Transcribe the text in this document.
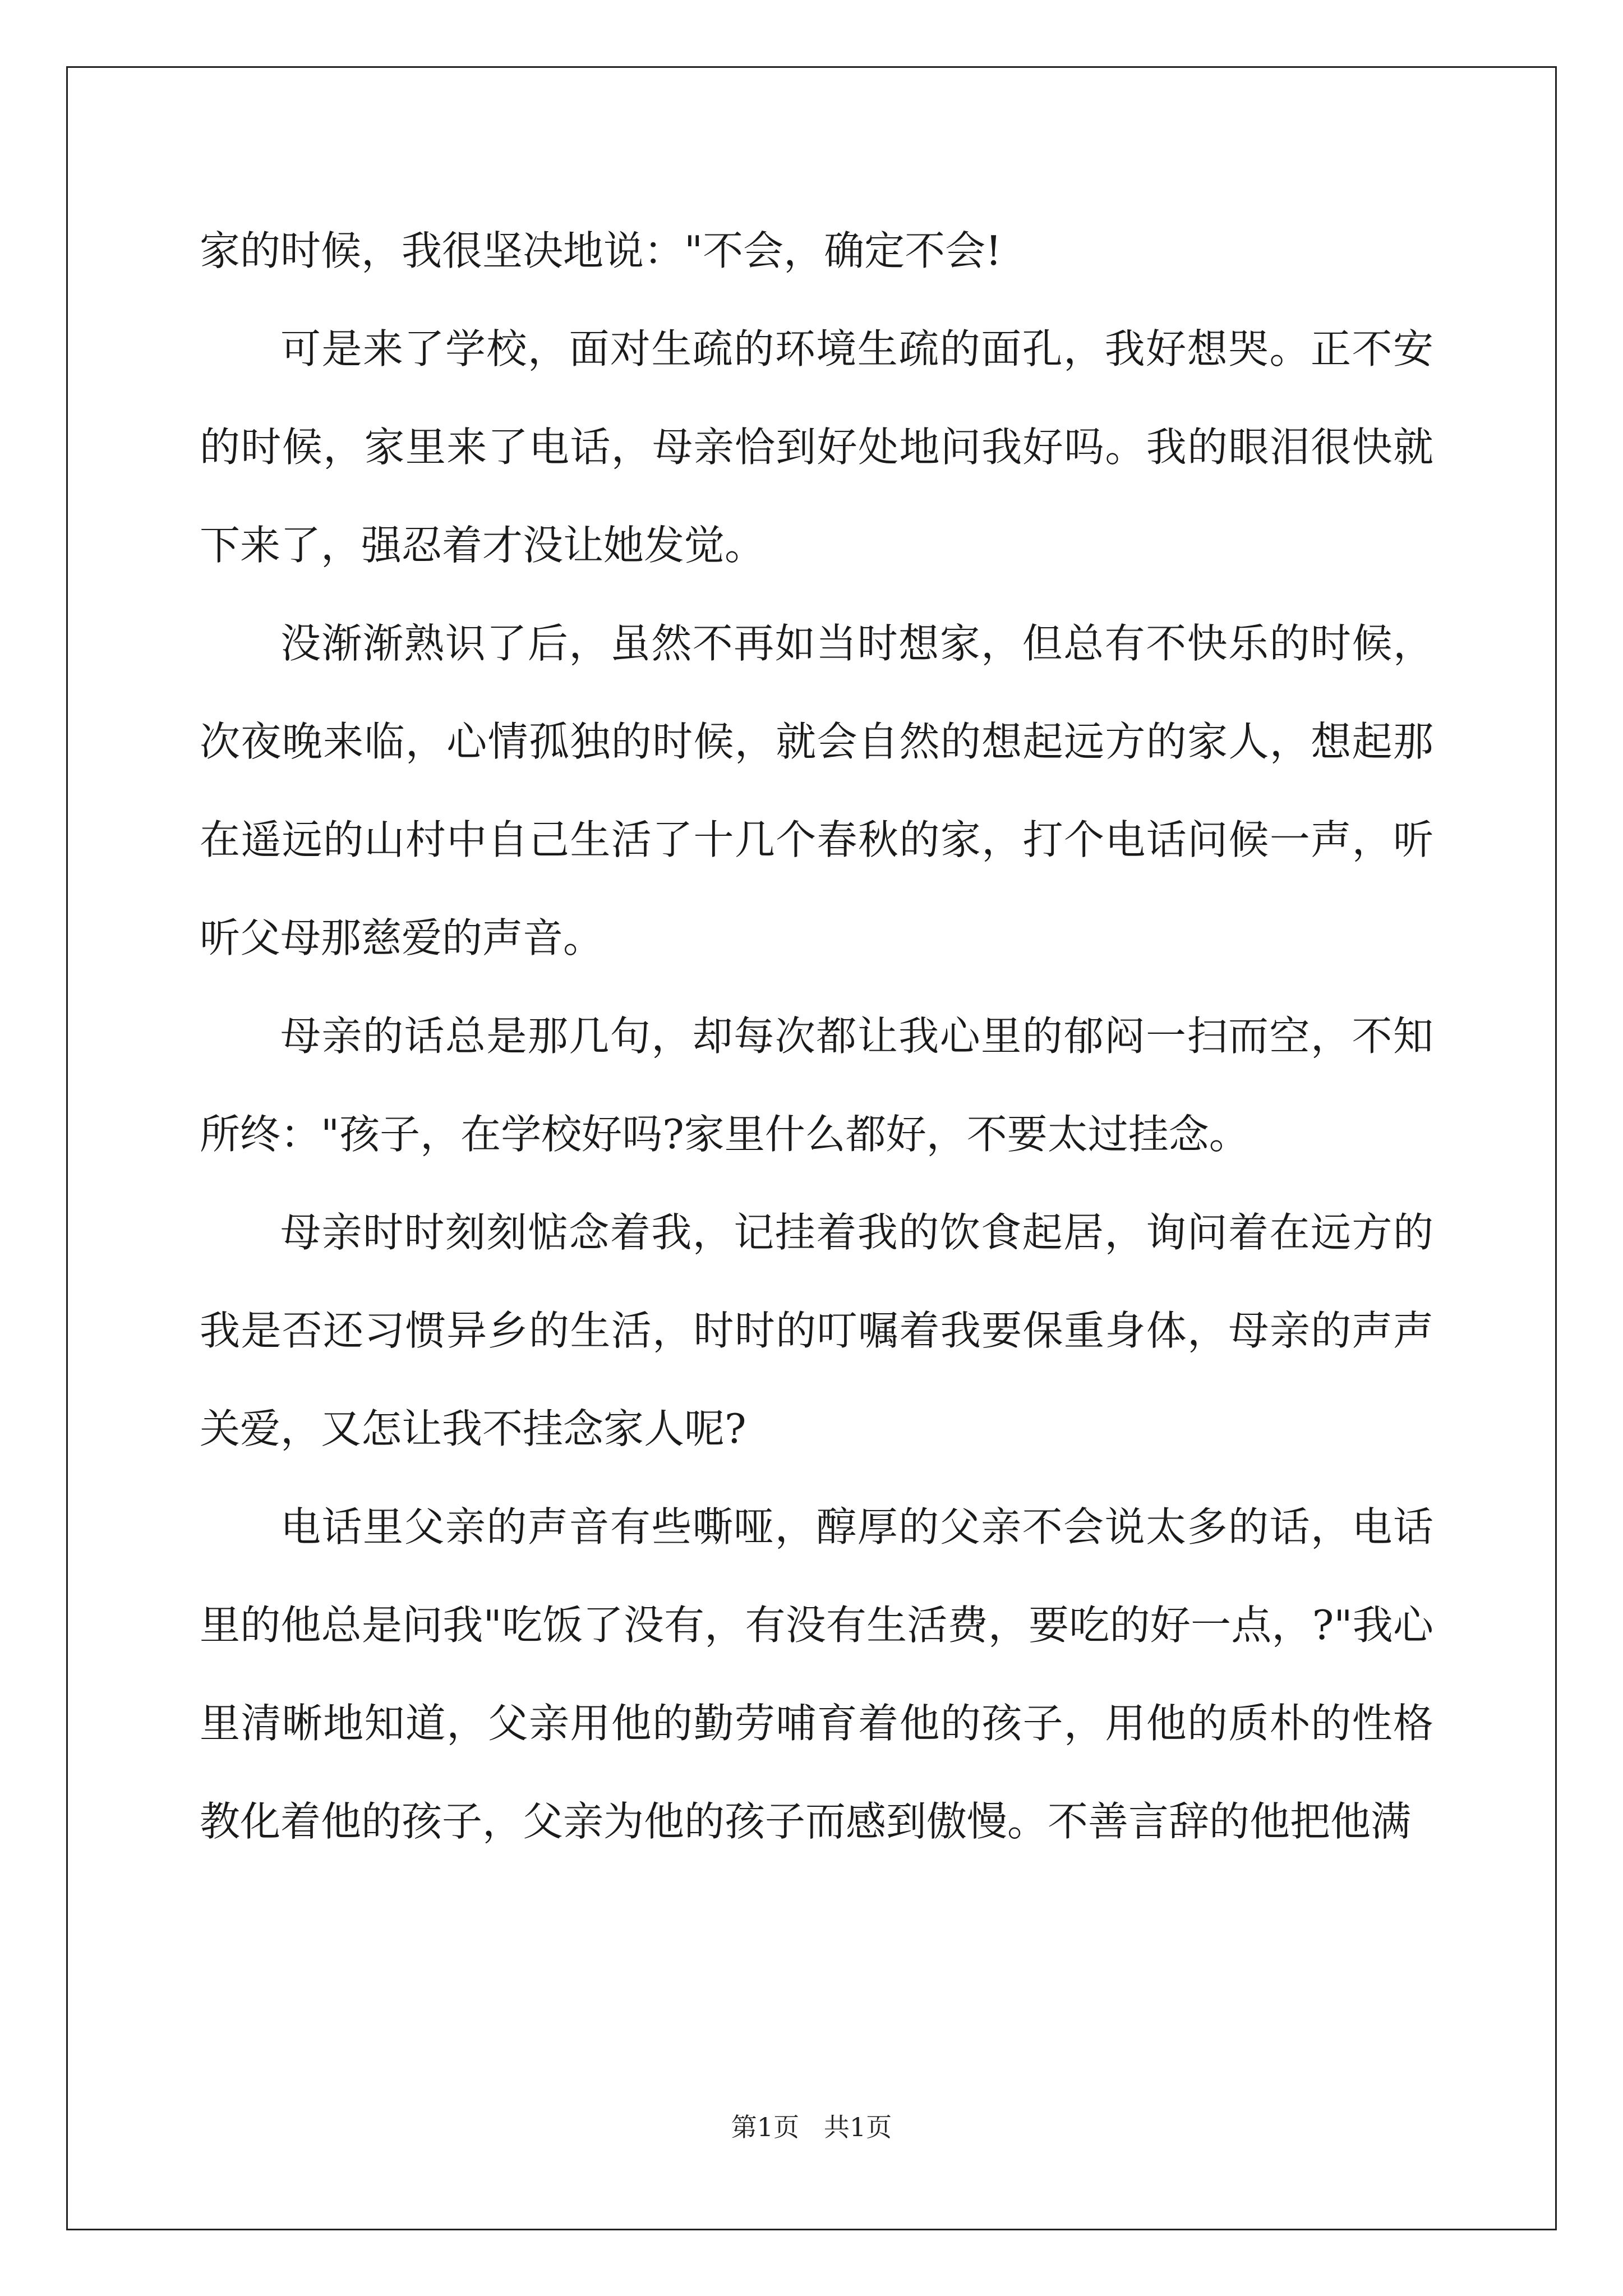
家的时候，我很坚决地说："不会，确定不会!

可是来了学校，面对生疏的环境生疏的面孔，我好想哭。正不安的时候，家里来了电话，母亲恰到好处地问我好吗。我的眼泪很快就下来了，强忍着才没让她发觉。

没渐渐熟识了后，虽然不再如当时想家，但总有不快乐的时候，次夜晚来临，心情孤独的时候，就会自然的想起远方的家人，想起那在遥远的山村中自己生活了十几个春秋的家，打个电话问候一声，听听父母那慈爱的声音。

母亲的话总是那几句，却每次都让我心里的郁闷一扫而空，不知所终："孩子，在学校好吗?家里什么都好，不要太过挂念。

母亲时时刻刻惦念着我，记挂着我的饮食起居，询问着在远方的我是否还习惯异乡的生活，时时的叮嘱着我要保重身体，母亲的声声关爱，又怎让我不挂念家人呢?

电话里父亲的声音有些嘶哑，醇厚的父亲不会说太多的话，电话里的他总是问我"吃饭了没有，有没有生活费，要吃的好一点，?"我心里清晰地知道，父亲用他的勤劳哺育着他的孩子，用他的质朴的性格教化着他的孩子，父亲为他的孩子而感到傲慢。不善言辞的他把他满

第1页   共1页
